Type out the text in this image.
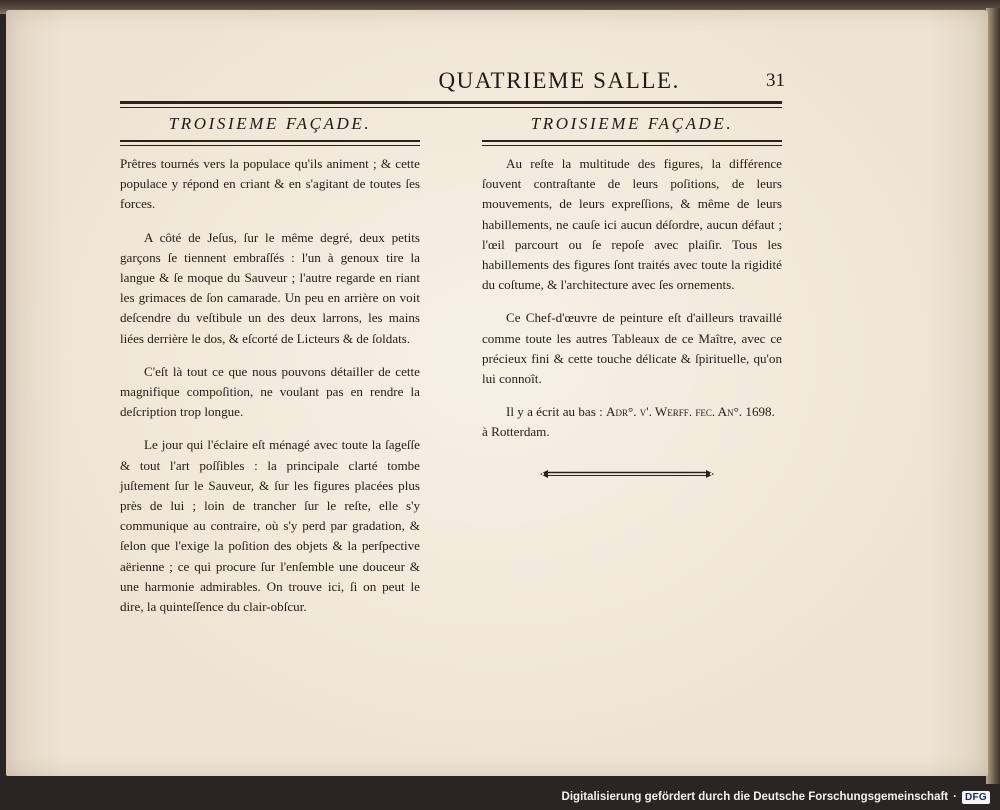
QUATRIEME SALLE.	31
TROISIEME FAÇADE.

Prêtres tournés vers la populace qu'ils animent ; & cette populace y répond en criant & en s'agitant de toutes ſes forces.

A côté de Jeſus, ſur le même degré, deux petits garçons ſe tiennent embraſſés : l'un à genoux tire la langue & ſe moque du Sauveur ; l'autre regarde en riant les grimaces de ſon camarade. Un peu en arrière on voit deſcendre du veſtibule un des deux larrons, les mains liées derrière le dos, & eſcorté de Licteurs & de ſoldats.

C'eſt là tout ce que nous pouvons détailler de cette magnifique compoſition, ne voulant pas en rendre la deſcription trop longue.

Le jour qui l'éclaire eſt ménagé avec toute la ſageſſe & tout l'art poſſibles : la principale clarté tombe juſtement ſur le Sauveur, & ſur les figures placées plus près de lui ; loin de trancher ſur le reſte, elle s'y communique au contraire, où s'y perd par gradation, & ſelon que l'exige la poſition des objets & la perſpective aërienne ; ce qui procure ſur l'enſemble une douceur & une harmonie admirables. On trouve ici, ſi on peut le dire, la quinteſſence du clair-obſcur.

TROISIEME FAÇADE.

Au reſte la multitude des figures, la différence ſouvent contraſtante de leurs poſitions, de leurs mouvements, de leurs expreſſions, & même de leurs habillements, ne cauſe ici aucun déſordre, aucun défaut ; l'œil parcourt ou ſe repoſe avec plaiſir. Tous les habillements des figures ſont traités avec toute la rigidité du coſtume, & l'architecture avec ſes ornements.

Ce Chef-d'œuvre de peinture eſt d'ailleurs travaillé comme toute les autres Tableaux de ce Maître, avec ce précieux fini & cette touche délicate & ſpirituelle, qu'on lui connoît.

Il y a écrit au bas : Adr°. v'. Werff. fec. An°. 1698.
à Rotterdam.

Digitalisierung gefördert durch die Deutsche Forschungsgemeinschaft · DFG
